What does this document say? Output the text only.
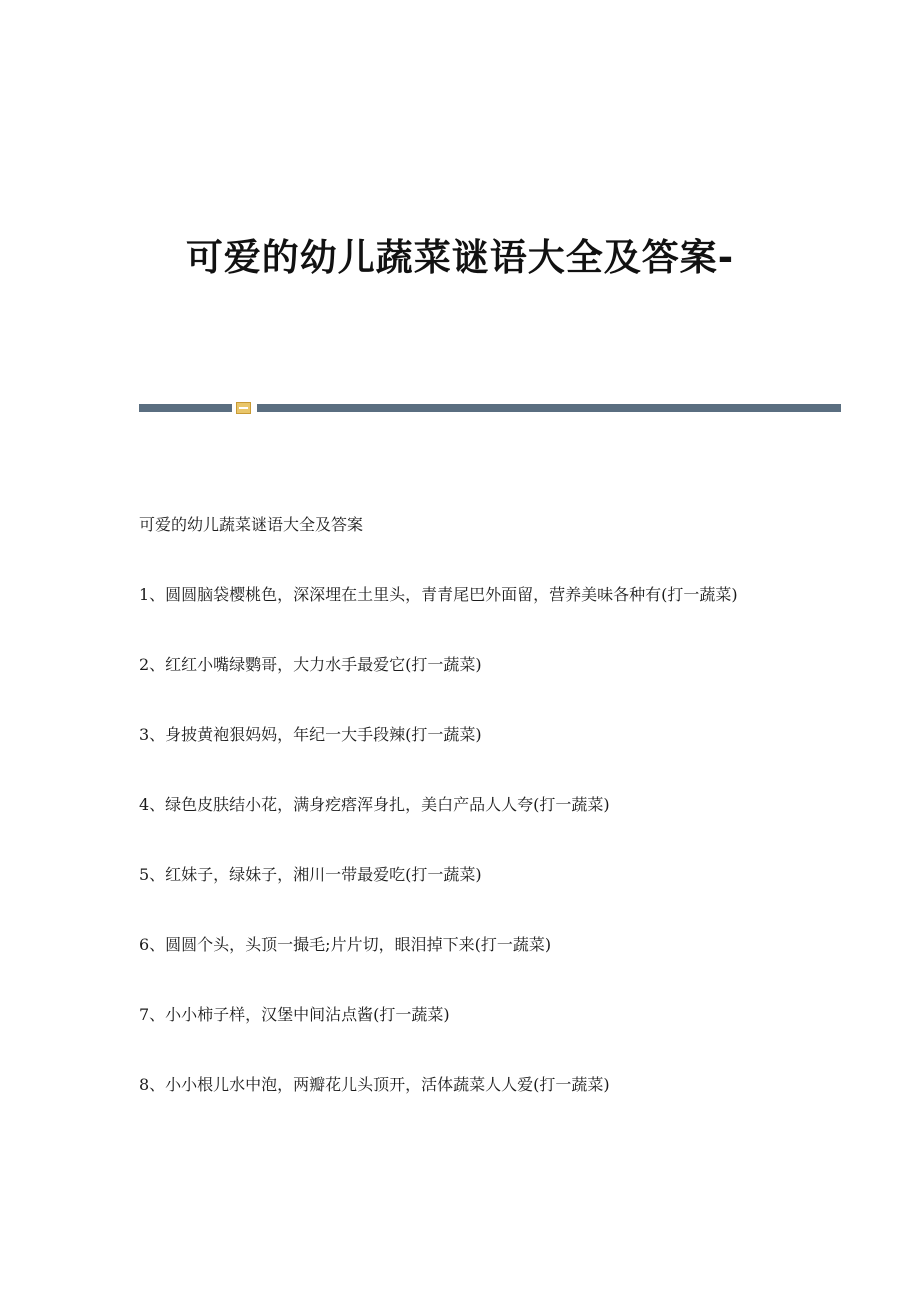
可爱的幼儿蔬菜谜语大全及答案-

可爱的幼儿蔬菜谜语大全及答案

1、圆圆脑袋樱桃色，深深埋在土里头，青青尾巴外面留，营养美味各种有(打一蔬菜)

2、红红小嘴绿鹦哥，大力水手最爱它(打一蔬菜)

3、身披黄袍狠妈妈，年纪一大手段辣(打一蔬菜)

4、绿色皮肤结小花，满身疙瘩浑身扎，美白产品人人夸(打一蔬菜)

5、红妹子，绿妹子，湘川一带最爱吃(打一蔬菜)

6、圆圆个头，头顶一撮毛;片片切，眼泪掉下来(打一蔬菜)

7、小小柿子样，汉堡中间沾点酱(打一蔬菜)

8、小小根儿水中泡，两瓣花儿头顶开，活体蔬菜人人爱(打一蔬菜)
